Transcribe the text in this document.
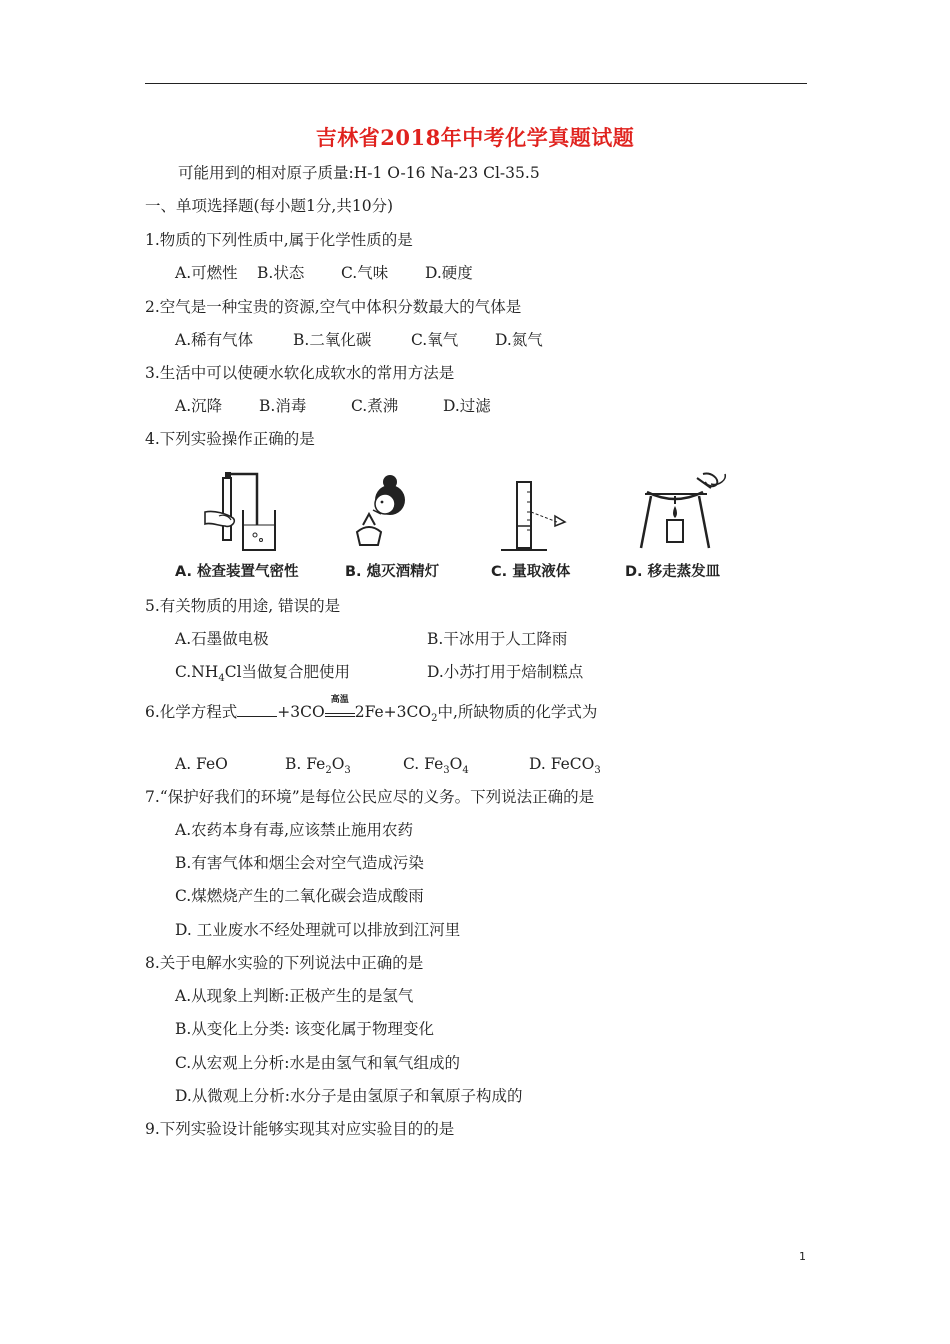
吉林省2018年中考化学真题试题
可能用到的相对原子质量:H-1 O-16 Na-23 Cl-35.5
一、单项选择题(每小题1分,共10分)
1.物质的下列性质中,属于化学性质的是
A.可燃性 B.状态 C.气味 D.硬度
2.空气是一种宝贵的资源,空气中体积分数最大的气体是
A.稀有气体	B.二氧化碳	C.氧气 D.氮气
3.生活中可以使硬水软化成软水的常用方法是
A.沉降 B.消毒	C.煮沸	D.过滤
4.下列实验操作正确的是
A. 检查装置气密性	B. 熄灭酒精灯	C. 量取液体	D. 移走蒸发皿
5.有关物质的用途, 错误的是
A.石墨做电极	B.干冰用于人工降雨
$C.NH_4Cl$当做复合肥使用	D.小苏打用于焙制糕点
6.化学方程式	+3CO
高温
$2Fe+3CO_2$中,所缺物质的化学式为
A. FeO	B. $Fe_2O_3$	C. $Fe_3O_4$	D. FeCO$_3$
7.“保护好我们的环境”是每位公民应尽的义务。下列说法正确的是
A.农药本身有毒,应该禁止施用农药
B.有害气体和烟尘会对空气造成污染
C.煤燃烧产生的二氧化碳会造成酸雨
D. 工业废水不经处理就可以排放到江河里
8.关于电解水实验的下列说法中正确的是
A.从现象上判断:正极产生的是氢气
B.从变化上分类: 该变化属于物理变化
C.从宏观上分析:水是由氢气和氧气组成的
D.从微观上分析:水分子是由氢原子和氧原子构成的
9.下列实验设计能够实现其对应实验目的的是
1
